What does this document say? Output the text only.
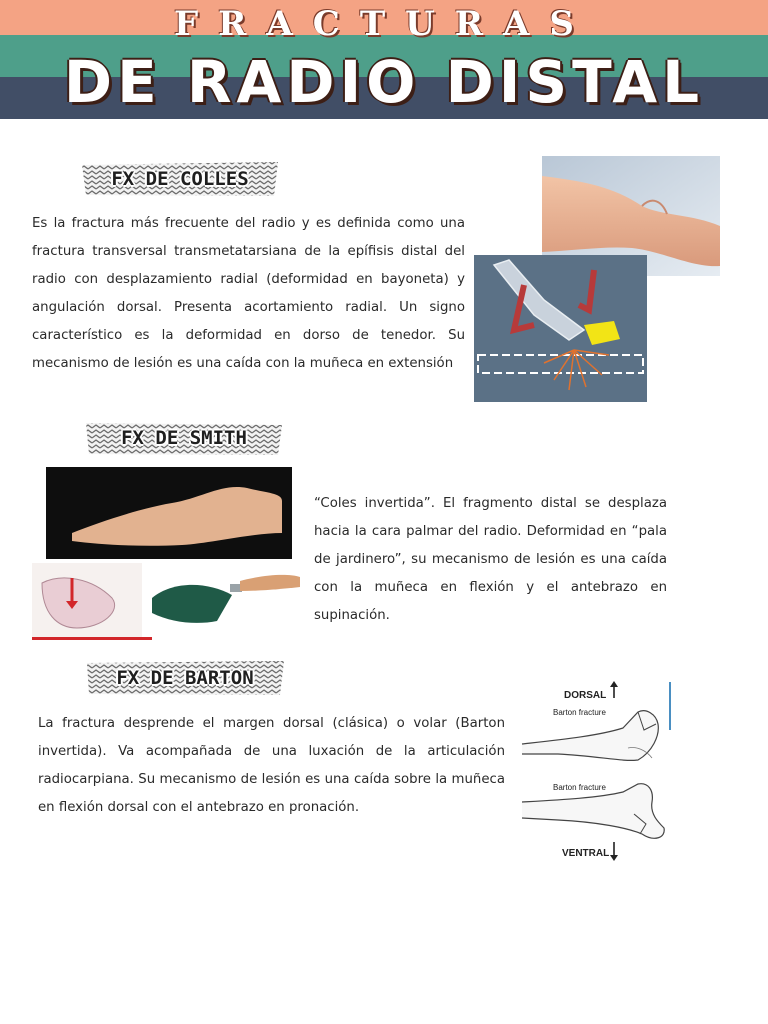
FRACTURAS
DE RADIO DISTAL
FX DE COLLES

Es la fractura más frecuente del radio y es definida como una fractura transversal transmetatarsiana de la epífisis distal del radio con desplazamiento radial (deformidad en bayoneta) y angulación dorsal. Presenta acortamiento radial. Un signo característico es la deformidad en dorso de tenedor. Su mecanismo de lesión es una caída con la muñeca en extensión

FX DE SMITH

“Coles invertida”. El fragmento distal se desplaza hacia la cara palmar del radio. Deformidad en “pala de jardinero”, su mecanismo de lesión es una caída con la muñeca en flexión y el antebrazo en supinación.

FX DE BARTON

La fractura desprende el margen dorsal (clásica) o volar (Barton invertida). Va acompañada de una luxación de la articulación radiocarpiana. Su mecanismo de lesión es una caída sobre la muñeca en flexión dorsal con el antebrazo en pronación.

DORSAL
Barton fracture
Barton fracture
VENTRAL
